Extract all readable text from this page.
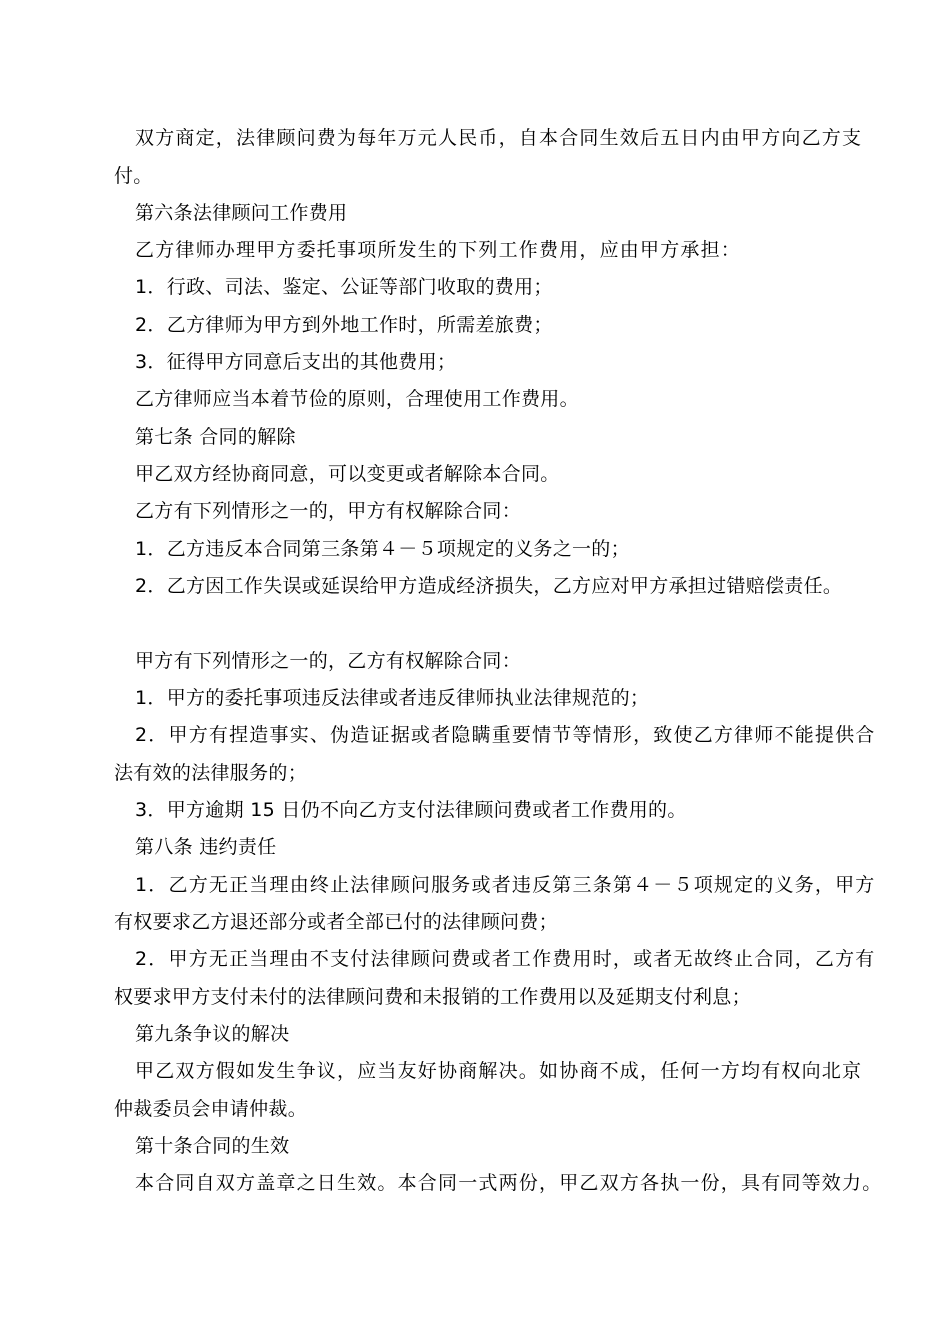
双方商定，法律顾问费为每年万元人民币，自本合同生效后五日内由甲方向乙方支
付。
第六条法律顾问工作费用
乙方律师办理甲方委托事项所发生的下列工作费用，应由甲方承担：
1．行政、司法、鉴定、公证等部门收取的费用；
2．乙方律师为甲方到外地工作时，所需差旅费；
3．征得甲方同意后支出的其他费用；
乙方律师应当本着节俭的原则，合理使用工作费用。
第七条 合同的解除
甲乙双方经协商同意，可以变更或者解除本合同。
乙方有下列情形之一的，甲方有权解除合同：
1．乙方违反本合同第三条第４－５项规定的义务之一的；
2．乙方因工作失误或延误给甲方造成经济损失，乙方应对甲方承担过错赔偿责任。
甲方有下列情形之一的，乙方有权解除合同：
1．甲方的委托事项违反法律或者违反律师执业法律规范的；
2．甲方有捏造事实、伪造证据或者隐瞒重要情节等情形，致使乙方律师不能提供合
法有效的法律服务的；
3．甲方逾期 15 日仍不向乙方支付法律顾问费或者工作费用的。
第八条 违约责任
1．乙方无正当理由终止法律顾问服务或者违反第三条第４－５项规定的义务，甲方
有权要求乙方退还部分或者全部已付的法律顾问费；
2．甲方无正当理由不支付法律顾问费或者工作费用时，或者无故终止合同，乙方有
权要求甲方支付未付的法律顾问费和未报销的工作费用以及延期支付利息；
第九条争议的解决
甲乙双方假如发生争议，应当友好协商解决。如协商不成，任何一方均有权向北京
仲裁委员会申请仲裁。
第十条合同的生效
本合同自双方盖章之日生效。本合同一式两份，甲乙双方各执一份，具有同等效力。
